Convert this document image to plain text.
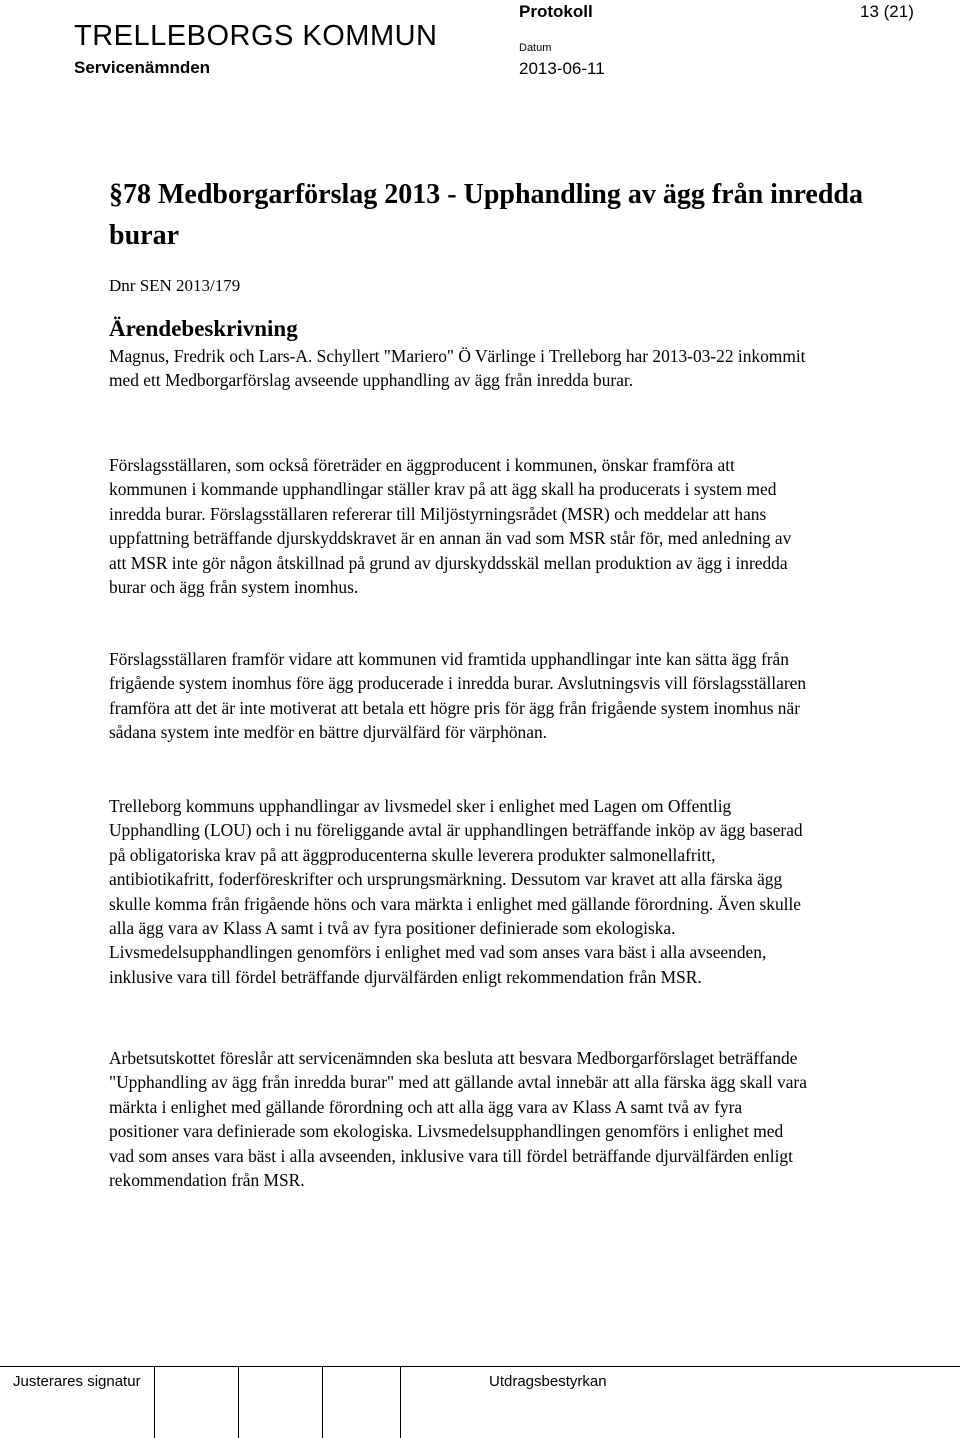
TRELLEBORGS KOMMUN
Servicenämnden
Protokoll
Datum
2013-06-11
13 (21)
§78 Medborgarförslag 2013 - Upphandling av ägg från inredda burar
Dnr SEN 2013/179
Ärendebeskrivning

Magnus, Fredrik och Lars-A. Schyllert "Mariero" Ö Värlinge i Trelleborg har 2013-03-22 inkommit med ett Medborgarförslag avseende upphandling av ägg från inredda burar.

Förslagsställaren, som också företräder en äggproducent i kommunen, önskar framföra att kommunen i kommande upphandlingar ställer krav på att ägg skall ha producerats i system med inredda burar. Förslagsställaren refererar till Miljöstyrningsrådet (MSR) och meddelar att hans uppfattning beträffande djurskyddskravet är en annan än vad som MSR står för, med anledning av att MSR inte gör någon åtskillnad på grund av djurskyddsskäl mellan produktion av ägg i inredda burar och ägg från system inomhus.

Förslagsställaren framför vidare att kommunen vid framtida upphandlingar inte kan sätta ägg från frigående system inomhus före ägg producerade i inredda burar. Avslutningsvis vill förslagsställaren framföra att det är inte motiverat att betala ett högre pris för ägg från frigående system inomhus när sådana system inte medför en bättre djurvälfärd för värphönan.

Trelleborg kommuns upphandlingar av livsmedel sker i enlighet med Lagen om Offentlig Upphandling (LOU) och i nu föreliggande avtal är upphandlingen beträffande inköp av ägg baserad på obligatoriska krav på att äggproducenterna skulle leverera produkter salmonellafritt, antibiotikafritt, foderföreskrifter och ursprungsmärkning. Dessutom var kravet att alla färska ägg skulle komma från frigående höns och vara märkta i enlighet med gällande förordning. Även skulle alla ägg vara av Klass A samt i två av fyra positioner definierade som ekologiska. Livsmedelsupphandlingen genomförs i enlighet med vad som anses vara bäst i alla avseenden, inklusive vara till fördel beträffande djurvälfärden enligt rekommendation från MSR.

Arbetsutskottet föreslår att servicenämnden ska besluta att besvara Medborgarförslaget beträffande "Upphandling av ägg från inredda burar" med att gällande avtal innebär att alla färska ägg skall vara märkta i enlighet med gällande förordning och att alla ägg vara av Klass A samt två av fyra positioner vara definierade som ekologiska. Livsmedelsupphandlingen genomförs i enlighet med vad som anses vara bäst i alla avseenden, inklusive vara till fördel beträffande djurvälfärden enligt rekommendation från MSR.

Justerares signatur	Utdragsbestyrkan
